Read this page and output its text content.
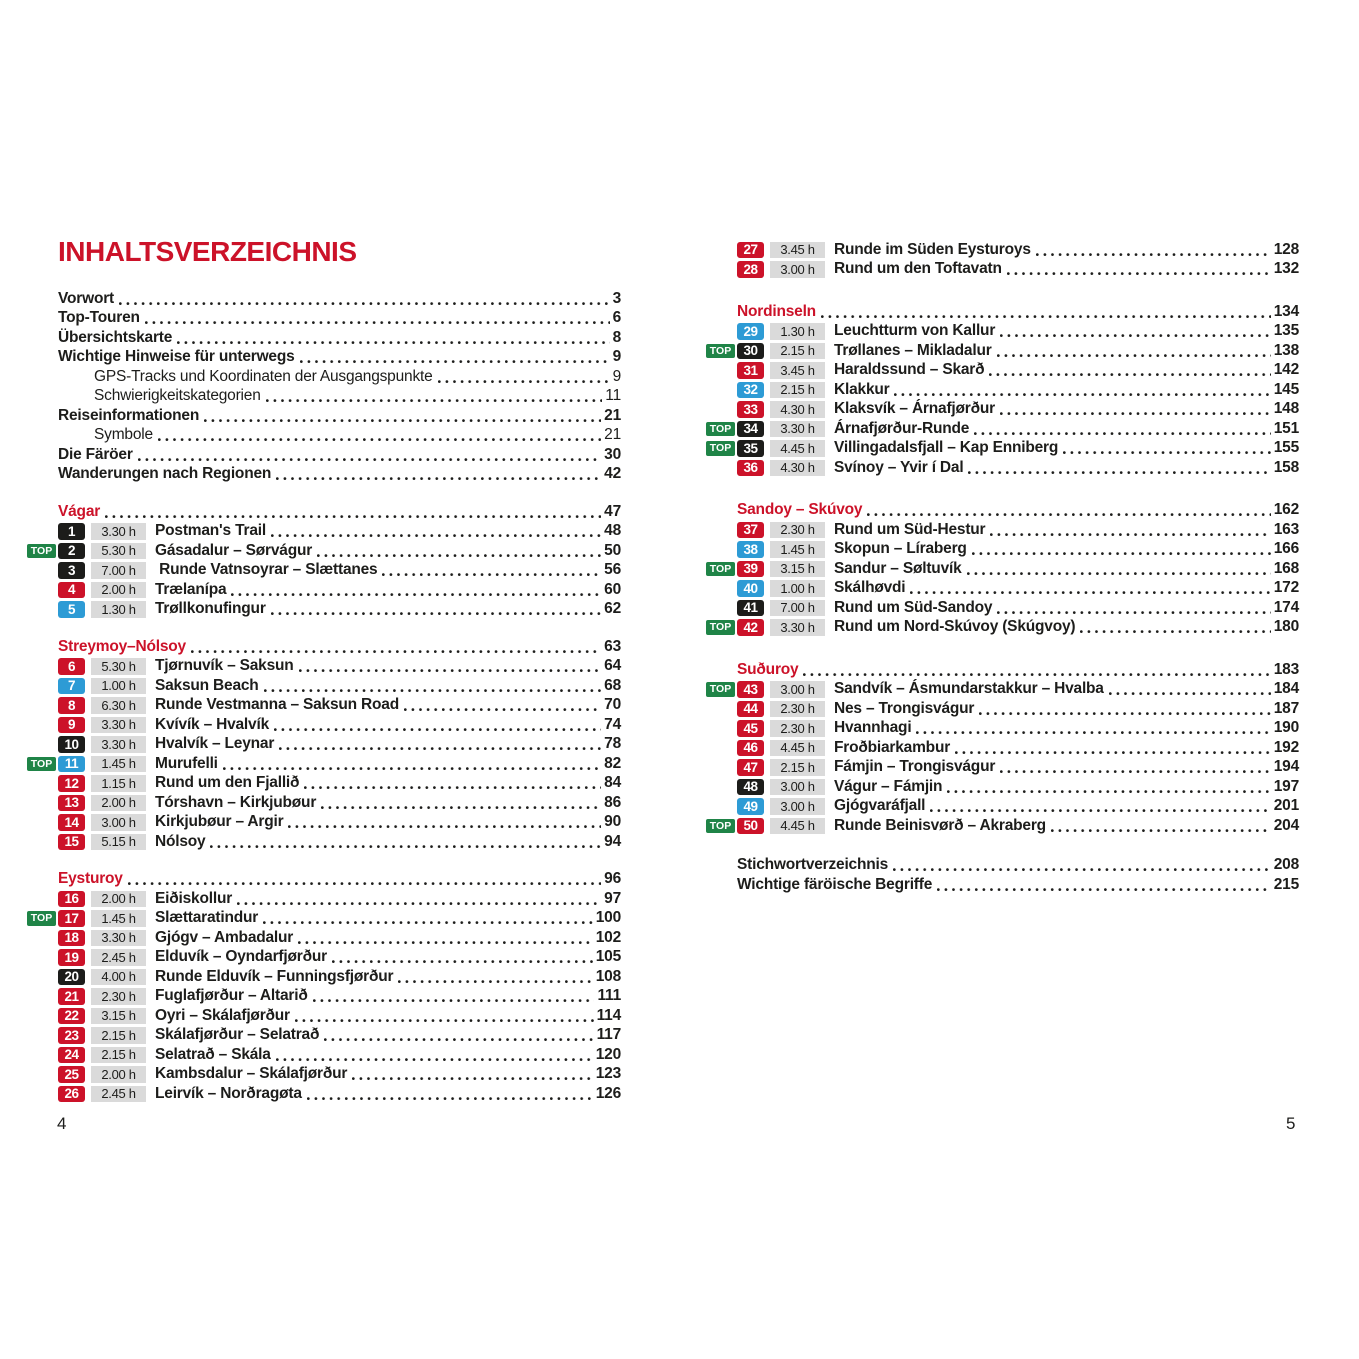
INHALTSVERZEICHNIS
Vorwort	3
Top-Touren	6
Übersichtskarte	8
Wichtige Hinweise für unterwegs	9
GPS-Tracks und Koordinaten der Ausgangspunkte	9
Schwierigkeitskategorien	11
Reiseinformationen	21
Symbole	21
Die Färöer	30
Wanderungen nach Regionen	42
Vágar	47
1	3.30 h	Postman's Trail	48
TOP	2	5.30 h	Gásadalur – Sørvágur	50
3	7.00 h	Runde Vatnsoyrar – Slættanes	56
4	2.00 h	Trælanípa	60
5	1.30 h	Trøllkonufingur	62
Streymoy–Nólsoy	63
6	5.30 h	Tjørnuvík – Saksun	64
7	1.00 h	Saksun Beach	68
8	6.30 h	Runde Vestmanna – Saksun Road	70
9	3.30 h	Kvívík – Hvalvík	74
10	3.30 h	Hvalvík – Leynar	78
TOP 11	1.45 h	Murufelli	82
12	1.15 h	Rund um den Fjallið	84
13	2.00 h	Tórshavn – Kirkjubøur	86
14	3.00 h	Kirkjubøur – Argir	90
15	5.15 h	Nólsoy	94
Eysturoy	96
16	2.00 h	Eiðiskollur	97
TOP 17	1.45 h	Slættaratindur	100
18	3.30 h	Gjógv – Ambadalur	102
19	2.45 h	Elduvík – Oyndarfjørður	105
20	4.00 h	Runde Elduvík – Funningsfjørður	108
21	2.30 h	Fuglafjørður – Altarið	111
22	3.15 h	Oyri – Skálafjørður	114
23	2.15 h	Skálafjørður – Selatrað	117
24	2.15 h	Selatrað – Skála	120
25	2.00 h	Kambsdalur – Skálafjørður	123
26	2.45 h	Leirvík – Norðragøta	126
27	3.45 h	Runde im Süden Eysturoys	128
28	3.00 h	Rund um den Toftavatn	132
Nordinseln	134
29	1.30 h	Leuchtturm von Kallur	135
TOP 30	2.15 h	Trøllanes – Mikladalur	138
31	3.45 h	Haraldssund – Skarð	142
32	2.15 h	Klakkur	145
33	4.30 h	Klaksvík – Árnafjørður	148
TOP 34	3.30 h	Árnafjørður-Runde	151
TOP 35	4.45 h	Villingadalsfjall – Kap Enniberg	155
36	4.30 h	Svínoy – Yvir í Dal	158
Sandoy – Skúvoy	162
37	2.30 h	Rund um Süd-Hestur	163
38	1.45 h	Skopun – Líraberg	166
TOP 39	3.15 h	Sandur – Søltuvík	168
40	1.00 h	Skálhøvdi	172
41	7.00 h	Rund um Süd-Sandoy	174
TOP 42	3.30 h	Rund um Nord-Skúvoy (Skúgvoy)	180
Suðuroy	183
TOP 43	3.00 h	Sandvík – Ásmundarstakkur – Hvalba	184
44	2.30 h	Nes – Trongisvágur	187
45	2.30 h	Hvannhagi	190
46	4.45 h	Froðbiarkambur	192
47	2.15 h	Fámjin – Trongisvágur	194
48	3.00 h	Vágur – Fámjin	197
49	3.00 h	Gjógvaráfjall	201
TOP 50	4.45 h	Runde Beinisvørð – Akraberg	204
Stichwortverzeichnis	208
Wichtige färöische Begriffe	215
4	5
